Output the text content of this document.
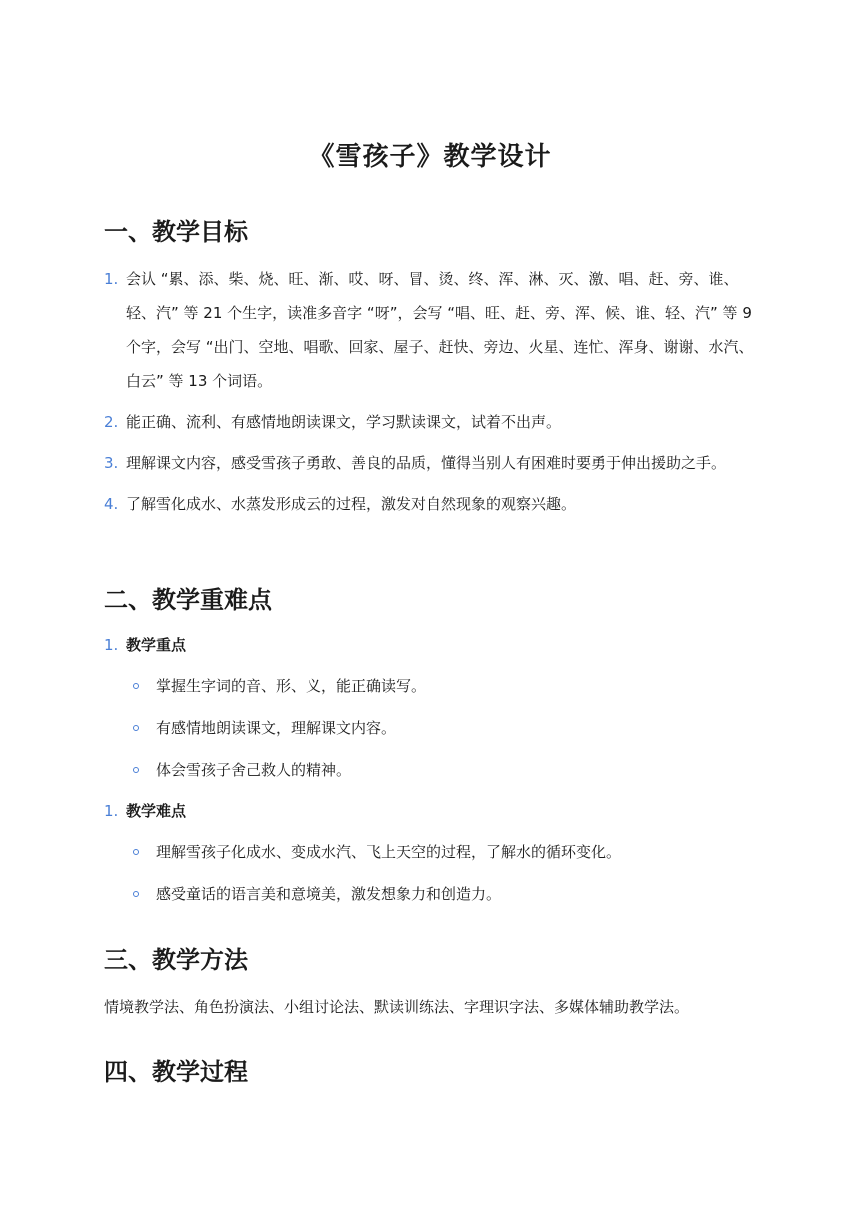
《雪孩子》教学设计
一、教学目标
1. 会认 “累、添、柴、烧、旺、渐、哎、呀、冒、烫、终、浑、淋、灭、激、唱、赶、旁、谁、轻、汽” 等 21 个生字，读准多音字 “呀”，会写 “唱、旺、赶、旁、浑、候、谁、轻、汽” 等 9 个字，会写 “出门、空地、唱歌、回家、屋子、赶快、旁边、火星、连忙、浑身、谢谢、水汽、白云” 等 13 个词语。
2. 能正确、流利、有感情地朗读课文，学习默读课文，试着不出声。
3. 理解课文内容，感受雪孩子勇敢、善良的品质，懂得当别人有困难时要勇于伸出援助之手。
4. 了解雪化成水、水蒸发形成云的过程，激发对自然现象的观察兴趣。
二、教学重难点
1. 教学重点
掌握生字词的音、形、义，能正确读写。
有感情地朗读课文，理解课文内容。
体会雪孩子舍己救人的精神。
1. 教学难点
理解雪孩子化成水、变成水汽、飞上天空的过程，了解水的循环变化。
感受童话的语言美和意境美，激发想象力和创造力。
三、教学方法
情境教学法、角色扮演法、小组讨论法、默读训练法、字理识字法、多媒体辅助教学法。
四、教学过程
